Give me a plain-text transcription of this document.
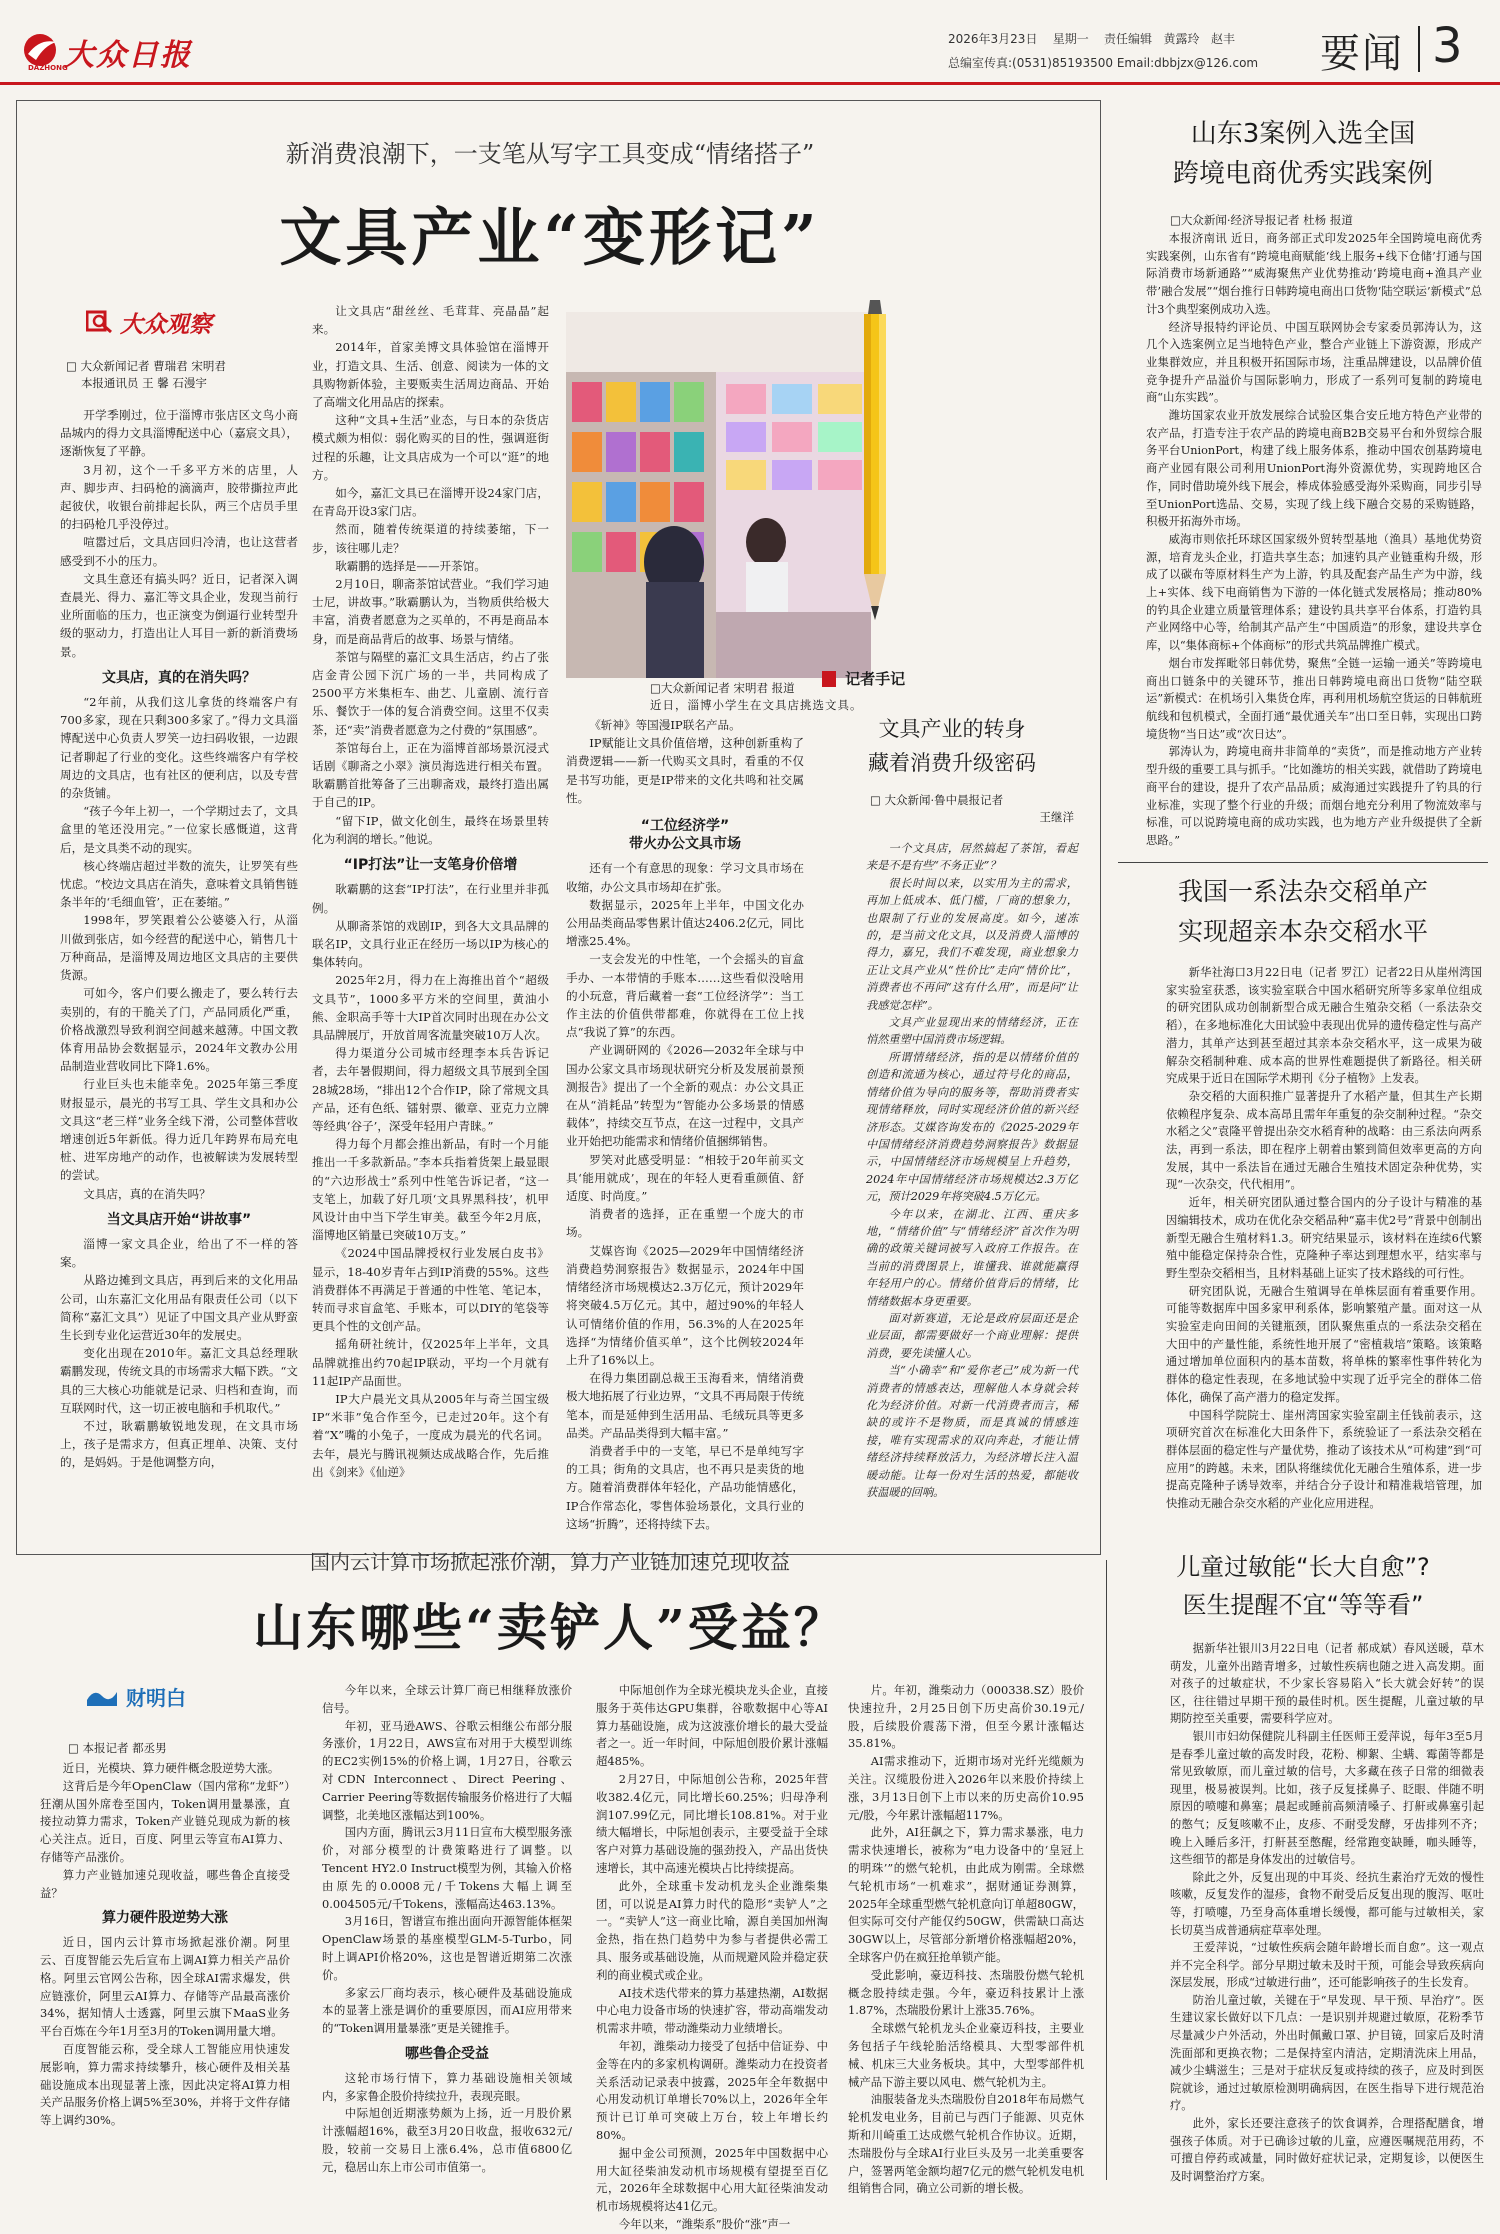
大众日报
DAZHONG
2026年3月23日 星期一 责任编辑 黄露玲 赵丰
总编室传真:(0531)85193500 Email:dbbjzx@126.com 要闻 3
新消费浪潮下，一支笔从写字工具变成“情绪搭子”
文具产业“变形记”
大众观察
□ 大众新闻记者 曹瑞君 宋明君
本报通讯员 王 馨 石漫宇

开学季刚过，位于淄博市张店区文鸟小商品城内的得力文具淄博配送中心（嘉宸文具），逐渐恢复了平静。

3月初，这个一千多平方米的店里，人声、脚步声、扫码枪的滴滴声，胶带撕拉声此起彼伏，收银台前排起长队，两三个店员手里的扫码枪几乎没停过。

喧嚣过后，文具店回归冷清，也让这营者感受到不小的压力。

文具生意还有搞头吗？近日，记者深入调查晨光、得力、嘉汇等文具企业，发现当前行业所面临的压力，也正演变为倒逼行业转型升级的驱动力，打造出让人耳目一新的新消费场景。

文具店，真的在消失吗？

“2年前，从我们这儿拿货的终端客户有700多家，现在只剩300多家了。”得力文具淄博配送中心负责人罗笑一边扫码收银，一边跟记者聊起了行业的变化。这些终端客户有学校周边的文具店，也有社区的便利店，以及专营的杂货铺。

“孩子今年上初一，一个学期过去了，文具盒里的笔还没用完。”一位家长感慨道，这背后，是文具类不动的现实。

核心终端店超过半数的流失，让罗笑有些忧虑。“校边文具店在消失，意味着文具销售链条半年的‘毛细血管’，正在萎缩。”

1998年，罗笑跟着公公婆婆入行，从淄川做到张店，如今经营的配送中心，销售几十万种商品，是淄博及周边地区文具店的主要供货源。

可如今，客户们要么搬走了，要么转行去卖别的，有的干脆关了门，产品同质化严重，价格战激烈导致利润空间越来越薄。中国文教体育用品协会数据显示，2024年文教办公用品制造业营收同比下降1.6%。

行业巨头也未能幸免。2025年第三季度财报显示，晨光的书写工具、学生文具和办公文具这“老三样”业务全线下滑，公司整体营收增速创近5年新低。得力近几年跨界布局充电桩、进军房地产的动作，也被解读为发展转型的尝试。

文具店，真的在消失吗？

当文具店开始“讲故事”

淄博一家文具企业，给出了不一样的答案。

从路边摊到文具店，再到后来的文化用品公司，山东嘉汇文化用品有限责任公司（以下简称“嘉汇文具”）见证了中国文具产业从野蛮生长到专业化运营近30年的发展史。

变化出现在2010年。嘉汇文具总经理耿霸鹏发现，传统文具的市场需求大幅下跌。“文具的三大核心功能就是记录、归档和查询，而互联网时代，这一切正被电脑和手机取代。”

不过，耿霸鹏敏锐地发现，在文具市场上，孩子是需求方，但真正埋单、决策、支付的，是妈妈。于是他调整方向，

让文具店“甜丝丝、毛茸茸、亮晶晶”起来。

2014年，首家美博文具体验馆在淄博开业，打造文具、生活、创意、阅读为一体的文具购物新体验，主要贩卖生活周边商品、开始了高端文化用品店的探索。

这种“文具+生活”业态，与日本的杂货店模式颇为相似：弱化购买的目的性，强调逛街过程的乐趣，让文具店成为一个可以“逛”的地方。

如今，嘉汇文具已在淄博开设24家门店，在青岛开设3家门店。

然而，随着传统渠道的持续萎缩，下一步，该往哪儿走？

耿霸鹏的选择是——开茶馆。

2月10日，聊斋茶馆试营业。“我们学习迪士尼，讲故事。”耿霸鹏认为，当物质供给极大丰富，消费者愿意为之买单的，不再是商品本身，而是商品背后的故事、场景与情绪。

茶馆与隔壁的嘉汇文具生活店，约占了张店金青公园下沉广场的一半，共同构成了2500平方米集柜车、曲艺、儿童剧、流行音乐、餐饮于一体的复合消费空间。这里不仅卖茶，还“卖”消费者愿意为之付费的“氛围感”。

茶馆每台上，正在为淄博首部场景沉浸式话剧《聊斋之小翠》演员海选进行相关布置。耿霸鹏首批筹备了三出聊斋戏，最终打造出属于自己的IP。

“留下IP，做文化创生，最终在场景里转化为利润的增长。”他说。

“IP打法”让一支笔身价倍增

耿霸鹏的这套“IP打法”，在行业里并非孤例。

从聊斋茶馆的戏剧IP，到各大文具品牌的联名IP，文具行业正在经历一场以IP为核心的集体转向。

2025年2月，得力在上海推出首个“超级文具节”，1000多平方米的空间里，黄油小熊、金职高手等十大IP首次同时出现在办公文具品牌展厅，开放首周客流量突破10万人次。

得力渠道分公司城市经理李本兵告诉记者，去年暑假期间，得力超级文具节展到全国28城28场，“排出12个合作IP，除了常规文具产品，还有色纸、镭射票、徽章、亚克力立牌等经典‘谷子’，深受年轻用户青睐。”

得力每个月都会推出新品，有时一个月能推出一千多款新品。”李本兵指着货架上最显眼的“六边形战士”系列中性笔告诉记者，“这一支笔上，加载了好几项‘文具界黑科技’，机甲风设计由中当下学生审美。截至今年2月底，淄博地区销量已突破10万支。”

《2024中国品牌授权行业发展白皮书》显示，18-40岁青年占到IP消费的55%。这些消费群体不再满足于普通的中性笔、笔记本，转而寻求盲盒笔、手账本，可以DIY的笔袋等更具个性的文创产品。

摇角研社统计，仅2025年上半年，文具品牌就推出约70起IP联动，平均一个月就有11起IP产品面世。

IP大户晨光文具从2005年与奇兰国宝级IP“米菲”兔合作至今，已走过20年。这个有着“X”嘴的小兔子，一度成为晨光的代名词。去年，晨光与腾讯视频达成战略合作，先后推出《剑来》《仙逆》

□大众新闻记者 宋明君 报道
近日，淄博小学生在文具店挑选文具。

《斩神》等国漫IP联名产品。

IP赋能让文具价值倍增，这种创新重构了消费逻辑——新一代购买文具时，看重的不仅是书写功能，更是IP带来的文化共鸣和社交属性。

“工位经济学”
带火办公文具市场

还有一个有意思的现象：学习文具市场在收缩，办公文具市场却在扩张。

数据显示，2025年上半年，中国文化办公用品类商品零售累计值达2406.2亿元，同比增涨25.4%。

一支会发光的中性笔，一个会摇头的盲盒手办、一本带情的手账本……这些看似没啥用的小玩意，背后藏着一套“工位经济学”：当工作主法的价值供带都难，你就得在工位上找点“我说了算”的东西。

产业调研网的《2026—2032年全球与中国办公家文具市场现状研究分析及发展前景预测报告》提出了一个全新的观点：办公文具正在从“消耗品”转型为“智能办公多场景的情感载体”，持续交互节点，在这一过程中，文具产业开始把功能需求和情绪价值捆绑销售。

罗笑对此感受明显：“相较于20年前买文具‘能用就成’，现在的年轻人更看重颜值、舒适度、时尚度。”

消费者的选择，正在重塑一个庞大的市场。

艾媒咨询《2025—2029年中国情绪经济消费趋势洞察报告》数据显示，2024年中国情绪经济市场规模达2.3万亿元，预计2029年将突破4.5万亿元。其中，超过90%的年轻人认可情绪价值的作用，56.3%的人在2025年选择“为情绪价值买单”，这个比例较2024年上升了16%以上。

在得力集团副总裁王玉海看来，情绪消费极大地拓展了行业边界，“文具不再局限于传统笔本，而是延伸到生活用品、毛绒玩具等更多品类。产品品类得到大幅丰富。”

消费者手中的一支笔，早已不是单纯写字的工具；街角的文具店，也不再只是卖货的地方。随着消费群体年轻化，产品功能情感化，IP合作常态化，零售体验场景化，文具行业的这场“折腾”，还将持续下去。

记者手记
文具产业的转身
藏着消费升级密码
□ 大众新闻·鲁中晨报记者
王继洋

一个文具店，居然搞起了茶馆，看起来是不是有些“不务正业”？

很长时间以来，以实用为主的需求，再加上低成本、低门槛，厂商的想象力，也限制了行业的发展高度。如今，速冻的，是当前文化文具，以及消费人淄博的得力，嘉兄，我们不难发现，商业想象力正让文具产业从“性价比”走向“情价比”，消费者也不再问“这有什么用”，而是问“让我感觉怎样”。

文具产业显现出来的情绪经济，正在悄然重塑中国消费市场逻辑。

所谓情绪经济，指的是以情绪价值的创造和流通为核心，通过符号化的商品，情绪价值为导向的服务等，帮助消费者实现情绪释放，同时实现经济价值的新兴经济形态。艾媒咨询发布的《2025-2029年中国情绪经济消费趋势洞察报告》数据显示，中国情绪经济市场规模呈上升趋势，2024年中国情绪经济市场规模达2.3万亿元，预计2029年将突破4.5万亿元。

今年以来，在湖北、江西、重庆多地，“情绪价值”与“情绪经济”首次作为明确的政策关键词被写入政府工作报告。在当前的消费图景上，谁懂我、谁就能赢得年轻用户的心。情绪价值背后的情绪，比情绪数据本身更重要。

面对新赛道，无论是政府层面还是企业层面，都需要做好一个商业理解：提供消费，要先读懂人心。

当“小确幸”和“爱你老己”成为新一代消费者的情感表达，理解他人本身就会转化为经济价值。对新一代消费者而言，稀缺的或许不是物质，而是真诚的情感连接，唯有实现需求的双向奔赴，才能让情绪经济持续释放活力，为经济增长注入温暖动能。让每一份对生活的热爱，都能收获温暖的回响。

山东3案例入选全国
跨境电商优秀实践案例
□大众新闻·经济导报记者 杜杨 报道

本报济南讯 近日，商务部正式印发2025年全国跨境电商优秀实践案例，山东省有“跨境电商赋能‘线上服务+线下仓储’打通与国际消费市场新通路”“威海聚焦产业优势推动‘跨境电商+渔具产业带’融合发展”“烟台推行日韩跨境电商出口货物‘陆空联运’新模式”总计3个典型案例成功入选。

经济导报特约评论员、中国互联网协会专家委员郭涛认为，这几个入选案例立足当地特色产业，整合产业链上下游资源，形成产业集群效应，并且积极开拓国际市场，注重品牌建设，以品牌价值竞争提升产品溢价与国际影响力，形成了一系列可复制的跨境电商“山东实践”。

潍坊国家农业开放发展综合试验区集合安丘地方特色产业带的农产品，打造专注于农产品的跨境电商B2B交易平台和外贸综合服务平台UnionPort，构建了线上服务体系，推动中国农创基跨境电商产业园有限公司利用UnionPort海外资源优势，实现跨地区合作，同时借助境外线下展会，棒成体验感受海外采购商，同步引导至UnionPort选品、交易，实现了线上线下融合交易的采购链路，积极开拓海外市场。

威海市则依托环球区国家级外贸转型基地（渔具）基地优势资源，培育龙头企业，打造共享生态；加速钓具产业链重构升级，形成了以碳布等原材料生产为上游，钓具及配套产品生产为中游，线上+实体、线下电商销售为下游的一体化链式发展格局；推动80%的钓具企业建立质量管理体系；建设钓具共享平台体系，打造钓具产业网络中心等，给制其产品产生“中国质造”的形象，建设共享仓库，以“集体商标+个体商标”的形式共筑品牌推广模式。

烟台市发挥毗邻日韩优势，聚焦“全链一运输一通关”等跨境电商出口链条中的关键环节，推出日韩跨境电商出口货物“陆空联运”新模式：在机场引入集货仓库，再利用机场航空货运的日韩航班航线和包机模式，全面打通“最优通关车”出口至日韩，实现出口跨境货物“当日达”或“次日达”。

郭涛认为，跨境电商井非简单的“卖货”，而是推动地方产业转型升级的重要工具与抓手。“比如潍坊的相关实践，就借助了跨境电商平台的建设，提升了农产品品质；威海通过实践提升了钓具的行业标准，实现了整个行业的升级；而烟台地充分利用了物流效率与标准，可以说跨境电商的成功实践，也为地方产业升级提供了全新思路。”

我国一系法杂交稻单产
实现超亲本杂交稻水平

新华社海口3月22日电（记者 罗江）记者22日从崖州湾国家实验室获悉，该实验室联合中国水稻研究所等多家单位组成的研究团队成功创制新型合成无融合生殖杂交稻（一系法杂交稻），在多地标准化大田试验中表现出优异的遗传稳定性与高产潜力，其单产达到甚至超过其亲本杂交稻水平，这一成果为破解杂交稻制种难、成本高的世界性难题提供了新路径。相关研究成果于近日在国际学术期刊《分子植物》上发表。

杂交稻的大面积推广显著提升了水稻产量，但其生产长期依赖程序复杂、成本高昂且需年年重复的杂交制种过程。“杂交水稻之父”袁隆平曾提出杂交水稻育种的战略：由三系法向两系法，再到一系法，即在程序上朝着由繁到简但效率更高的方向发展，其中一系法旨在通过无融合生殖技术固定杂种优势，实现“一次杂交，代代相用”。

近年，相关研究团队通过整合国内的分子设计与精准的基因编辑技术，成功在优化杂交稻品种“嘉丰优2号”背景中创制出新型无融合生殖材料1.3。研究结果显示，该材料在连续6代繁殖中能稳定保持杂合性，克隆种子率达到理想水平，结实率与野生型杂交稻相当，且材料基础上证实了技术路线的可行性。

研究团队说，无融合生殖调导在单株层面有着重要作用。可能等数据库中国多家甲利系体，影响繁殖产量。面对这一从实验室走向田间的关键瓶颈，团队聚焦重点的一系法杂交稻在大田中的产量性能，系统性地开展了“密植栽培”策略。该策略通过增加单位面积内的基本苗数，将单株的繁率性事件转化为群体的稳定性表现，在多地试验中实现了近乎完全的群体二倍体化，确保了高产潜力的稳定发挥。

中国科学院院士、崖州湾国家实验室副主任钱前表示，这项研究首次在标准化大田条件下，系统验证了一系法杂交稻在群体层面的稳定性与产量优势，推动了该技术从“可构建”到“可应用”的跨越。未来，团队将继续优化无融合生殖体系，进一步提高克隆种子诱导效率，并结合分子设计和精准栽培管理，加快推动无融合杂交水稻的产业化应用进程。

国内云计算市场掀起涨价潮，算力产业链加速兑现收益
山东哪些“卖铲人”受益？
财明白
□ 本报记者 都丞男

近日，光模块、算力硬件概念股逆势大涨。

这背后是今年OpenClaw（国内常称“龙虾”）狂潮从国外席卷至国内，Token调用量暴涨，直接拉动算力需求，Token产业链兑现成为新的核心关注点。近日，百度、阿里云等宣布AI算力、存储等产品涨价。

算力产业链加速兑现收益，哪些鲁企直接受益？

算力硬件股逆势大涨

近日，国内云计算市场掀起涨价潮。阿里云、百度智能云先后宣布上调AI算力相关产品价格。阿里云官网公告称，因全球AI需求爆发，供应链涨价，阿里云AI算力、存储等产品最高涨价34%，据知情人士透露，阿里云旗下MaaS业务平台百炼在今年1月至3月的Token调用量大增。

百度智能云称，受全球人工智能应用快速发展影响，算力需求持续攀升，核心硬件及相关基础设施成本出现显著上涨，因此决定将AI算力相关产品服务价格上调5%至30%，并将于文件存储等上调约30%。

今年以来，全球云计算厂商已相继释放涨价信号。

年初，亚马逊AWS、谷歌云相继公布部分服务涨价，1月22日，AWS宣布对用于大模型训练的EC2实例15%的价格上调，1月27日，谷歌云对CDN Interconnect、Direct Peering、Carrier Peering等数据传输服务价格进行了大幅调整，北美地区涨幅达到100%。

国内方面，腾讯云3月11日宣布大模型服务涨价，对部分模型的计费策略进行了调整。以Tencent HY2.0 Instruct模型为例，其输入价格由原先的0.0008元/千Tokens大幅上调至0.004505元/千Tokens，涨幅高达463.13%。

3月16日，智谱宣布推出面向开源智能体框架OpenClaw场景的基座模型GLM-5-Turbo，同时上调API价格20%，这也是智谱近期第二次涨价。

多家云厂商均表示，核心硬件及基础设施成本的显著上涨是调价的重要原因，而AI应用带来的“Token调用量暴涨”更是关键推手。

哪些鲁企受益

这轮市场行情下，算力基础设施相关领域内，多家鲁企股价持续拉升，表现亮眼。

中际旭创近期涨势颇为上扬，近一月股价累计涨幅超16%，截至3月20日收盘，报收632元/股，较前一交易日上涨6.4%，总市值6800亿元，稳居山东上市公司市值第一。

中际旭创作为全球光模块龙头企业，直接服务于英伟达GPU集群，谷歌数据中心等AI算力基础设施，成为这波涨价增长的最大受益者之一。近一年时间，中际旭创股价累计涨幅超485%。

2月27日，中际旭创公告称，2025年营收382.4亿元，同比增长60.25%；归母净利润107.99亿元，同比增长108.81%。对于业绩大幅增长，中际旭创表示，主要受益于全球客户对算力基础设施的强劲投入，产品出货快速增长，其中高速光模块占比持续提高。

此外，全球重卡发动机龙头企业潍柴集团，可以说是AI算力时代的隐形“卖铲人”之一。“卖铲人”这一商业比喻，源自美国加州淘金热，指在热门趋势中为参与者提供必需工具、服务或基础设施，从而规避风险并稳定获利的商业模式或企业。

AI技术迭代带来的算力基建热潮，AI数据中心电力设备市场的快速扩容，带动高端发动机需求井喷，带动潍柴动力业绩增长。

年初，潍柴动力接受了包括中信证券、中金等在内的多家机构调研。潍柴动力在投资者关系活动记录表中披露，2025年全年数据中心用发动机订单增长70%以上，2026年全年预计已订单可突破上万台，较上年增长约80%。

掘中金公司预测，2025年中国数据中心用大缸径柴油发动机市场规模有望提至百亿元，2026年全球数据中心用大缸径柴油发动机市场规模将达41亿元。

今年以来，“潍柴系”股价“涨”声一

片。年初，潍柴动力（000338.SZ）股价快速拉升，2月25日创下历史高价30.19元/股，后续股价震荡下滑，但至今累计涨幅达35.81%。

AI需求推动下，近期市场对光纤光缆颇为关注。汉缆股份进入2026年以来股价持续上涨，3月13日创下上市以来的历史高价10.95元/股，今年累计涨幅超117%。

此外，AI狂飙之下，算力需求暴涨，电力需求快速增长，被称为“电力设备中的‘皇冠上的明珠’”的燃气轮机，由此成为刚需。全球燃气轮机市场“一机难求”，据财通证券测算，2025年全球重型燃气轮机意向订单超80GW，但实际可交付产能仅约50GW，供需缺口高达30GW以上，尽管部分新增价格涨幅超20%，全球客户仍在疯狂抢单锁产能。

受此影响，豪迈科技、杰瑞股份燃气轮机概念股持续走强。今年，豪迈科技累计上涨1.87%，杰瑞股份累计上涨35.76%。

全球燃气轮机龙头企业豪迈科技，主要业务包括子午线轮胎活络模具、大型零部件机械、机床三大业务板块。其中，大型零部件机械产品下游主要以风电、燃气轮机为主。

油服装备龙头杰瑞股份自2018年布局燃气轮机发电业务，目前已与西门子能源、贝克休斯和川崎重工达成燃气轮机合作协议。近期，杰瑞股份与全球AI行业巨头及另一北美重要客户，签署两笔金额均超7亿元的燃气轮机发电机组销售合同，确立公司新的增长极。

儿童过敏能“长大自愈”?
医生提醒不宜“等等看”

据新华社银川3月22日电（记者 郝成斌）春风送暖，草木萌发，儿童外出踏青增多，过敏性疾病也随之进入高发期。面对孩子的过敏症状，不少家长容易陷入“长大就会好转”的误区，往往错过早期干预的最佳时机。医生提醒，儿童过敏的早期防控至关重要，需要科学应对。

银川市妇幼保健院儿科副主任医师王爱萍说，每年3至5月是春季儿童过敏的高发时段，花粉、柳絮、尘螨、霉菌等都是常见致敏原，而儿童过敏的信号，大多藏在孩子日常的细微表现里，极易被误判。比如，孩子反复揉鼻子、眨眼、伴随不明原因的喷嚏和鼻塞；晨起或睡前高频清嗓子、打鼾或鼻塞引起的憋气；反复咳嗽不止，皮疹、不耐受发酵，牙齿排列不齐；晚上入睡后多汗，打鼾甚至憋醒，经常跑变缺睡，咖头睡等，这些细节的都是身体发出的过敏信号。

除此之外，反复出现的中耳炎、经抗生素治疗无效的慢性咳嗽，反复发作的湿疹，食物不耐受后反复出现的腹泻、呕吐等，打喷嚏，乃至身高体重增长缓慢，都可能与过敏相关，家长切莫当成普通病症草率处理。

王爱萍说，“过敏性疾病会随年龄增长而自愈”。这一观点并不完全科学。部分早期过敏未及时干预，可能会导致疾病向深层发展，形成“过敏进行曲”，还可能影响孩子的生长发育。

防治儿童过敏，关键在于“早发现、早干预、早治疗”。医生建议家长做好以下几点：一是识别并规避过敏原，花粉季节尽量减少户外活动，外出时佩戴口罩、护目镜，回家后及时清洗面部和更换衣物；二是保持室内清洁，定期清洗床上用品，减少尘螨滋生；三是对于症状反复或持续的孩子，应及时到医院就诊，通过过敏原检测明确病因，在医生指导下进行规范治疗。

此外，家长还要注意孩子的饮食调养，合理搭配膳食，增强孩子体质。对于已确诊过敏的儿童，应遵医嘱规范用药，不可擅自停药或减量，同时做好症状记录，定期复诊，以便医生及时调整治疗方案。
